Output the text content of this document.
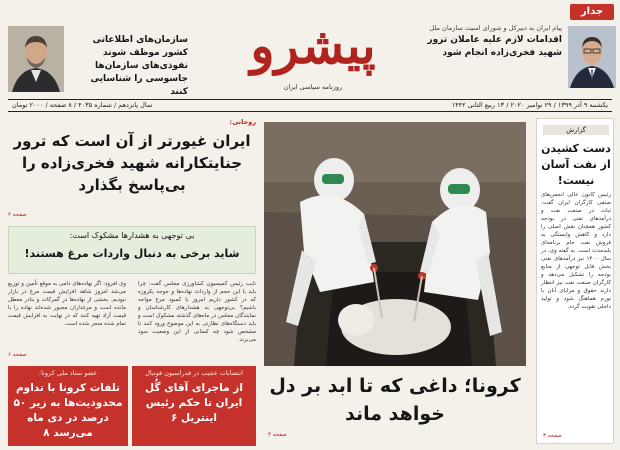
جدار
سازمان‌های اطلاعاتی کشور موظف شوند نفوذی‌های سازمان‌ها جاسوسی را شناسایی کنند
پیشرو
روزنامه سیاسی ایران
پیام ایران به دبیرکل و شورای امنیت سازمان ملل
اقدامات لازم علیه عاملان ترور شهید فخری‌زاده انجام شود
یکشنبه ۹ آذر ۱۳۹۹ / ۲۹ نوامبر ۲۰۲۰ / ۱۳ ربیع الثانی ۱۴۴۲
سال پانزدهم / شماره ۴۰۳۵ / ۸ صفحه / ۲۰۰۰ تومان
گزارش
دست کشیدن از نفت آسان نیست!
رئیس کانون عالی انجمن‌های صنفی کارگران ایران گفت: ثبات در صنعت نفت و درآمدهای نفتی در بودجه کشور همچنان نقش اصلی را دارد و کاهش وابستگی به فروش نفت خام برنامه‌ای بلندمدت است. به گفته وی، در سال ۱۴۰۰ نیز درآمدهای نفتی بخش قابل توجهی از منابع بودجه را تشکیل می‌دهد و کارگران صنعت نفت نیز انتظار دارند حقوق و مزایای آنان با تورم هماهنگ شود و تولید داخلی تقویت گردد.
صفحه ۳
کرونا؛ داغی که تا ابد بر دل خواهد ماند
صفحه ۳
روحانی:
ایران غیورتر از آن است که ترور جنایتکارانه شهید فخری‌زاده را بی‌پاسخ بگذارد
صفحه ۲
بی توجهی به هشدارها مشکوک است:
شاید برخی به دنبال واردات مرغ هستند!
نایب رئیس کمیسیون کشاورزی مجلس گفت: چرا باید با این حجم از واردات نهاده‌ها و جوجه یکروزه که در کشور داریم امروز با کمبود مرغ مواجه باشیم؟ بی‌توجهی به هشدارهای کارشناسان و نمایندگان مجلس در ماه‌های گذشته مشکوک است و باید دستگاه‌های نظارتی به این موضوع ورود کنند تا مشخص شود چه کسانی از این وضعیت سود می‌برند.
وی افزود: اگر نهاده‌های دامی به موقع تأمین و توزیع می‌شد امروز شاهد افزایش قیمت مرغ در بازار نبودیم. بخشی از نهاده‌ها در گمرکات و بنادر معطل مانده است و مرغداران مجبور شده‌اند نهاده را با قیمت آزاد تهیه کنند که در نهایت به افزایش قیمت تمام شده منجر شده است.
صفحه ۶
انتصابات عجیب در فدراسیون فوتبال
از ماجرای آقای گُل ایران تا حکم رئیس اینتریل ۶
عضو ستاد ملی کرونا:
تلفات کرونا با تداوم محدودیت‌ها به زیر ۵۰ درصد در دی ماه می‌رسد ۸
